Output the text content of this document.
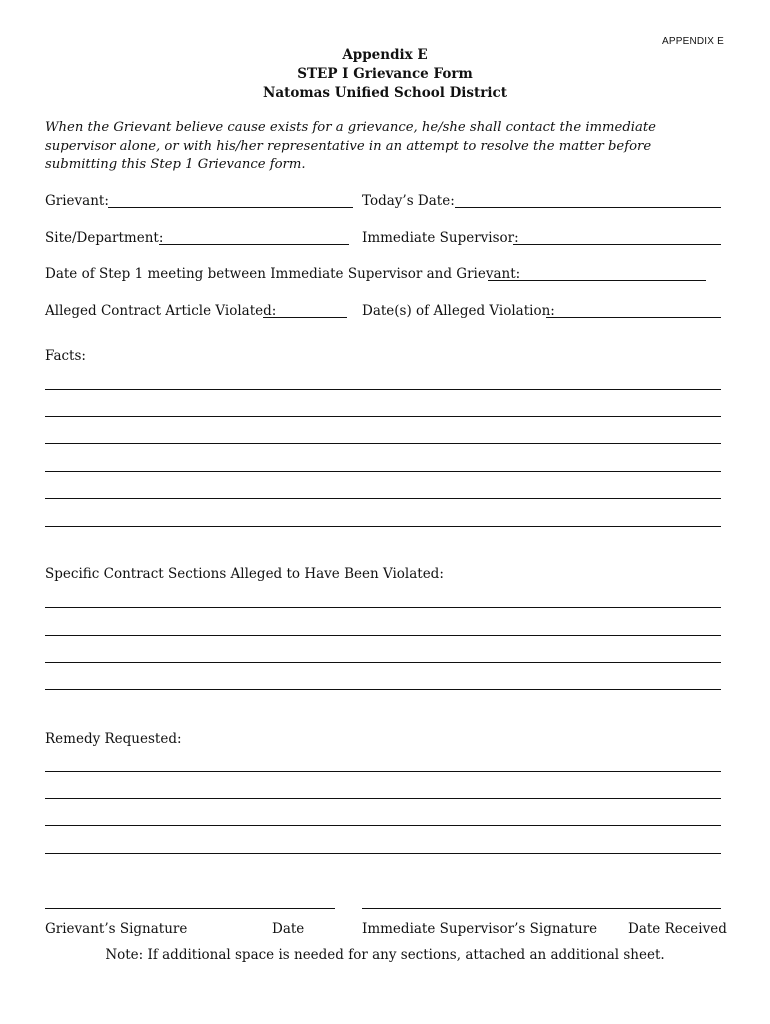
APPENDIX E
Appendix E
STEP I Grievance Form
Natomas Unified School District
When the Grievant believe cause exists for a grievance, he/she shall contact the immediate supervisor alone, or with his/her representative in an attempt to resolve the matter before submitting this Step 1 Grievance form.
Grievant:	Today’s Date:
Site/Department:	Immediate Supervisor:
Date of Step 1 meeting between Immediate Supervisor and Grievant:
Alleged Contract Article Violated:	Date(s) of Alleged Violation:
Facts:
Specific Contract Sections Alleged to Have Been Violated:
Remedy Requested:
Grievant’s Signature	Date	Immediate Supervisor’s Signature Date Received
Note: If additional space is needed for any sections, attached an additional sheet.
